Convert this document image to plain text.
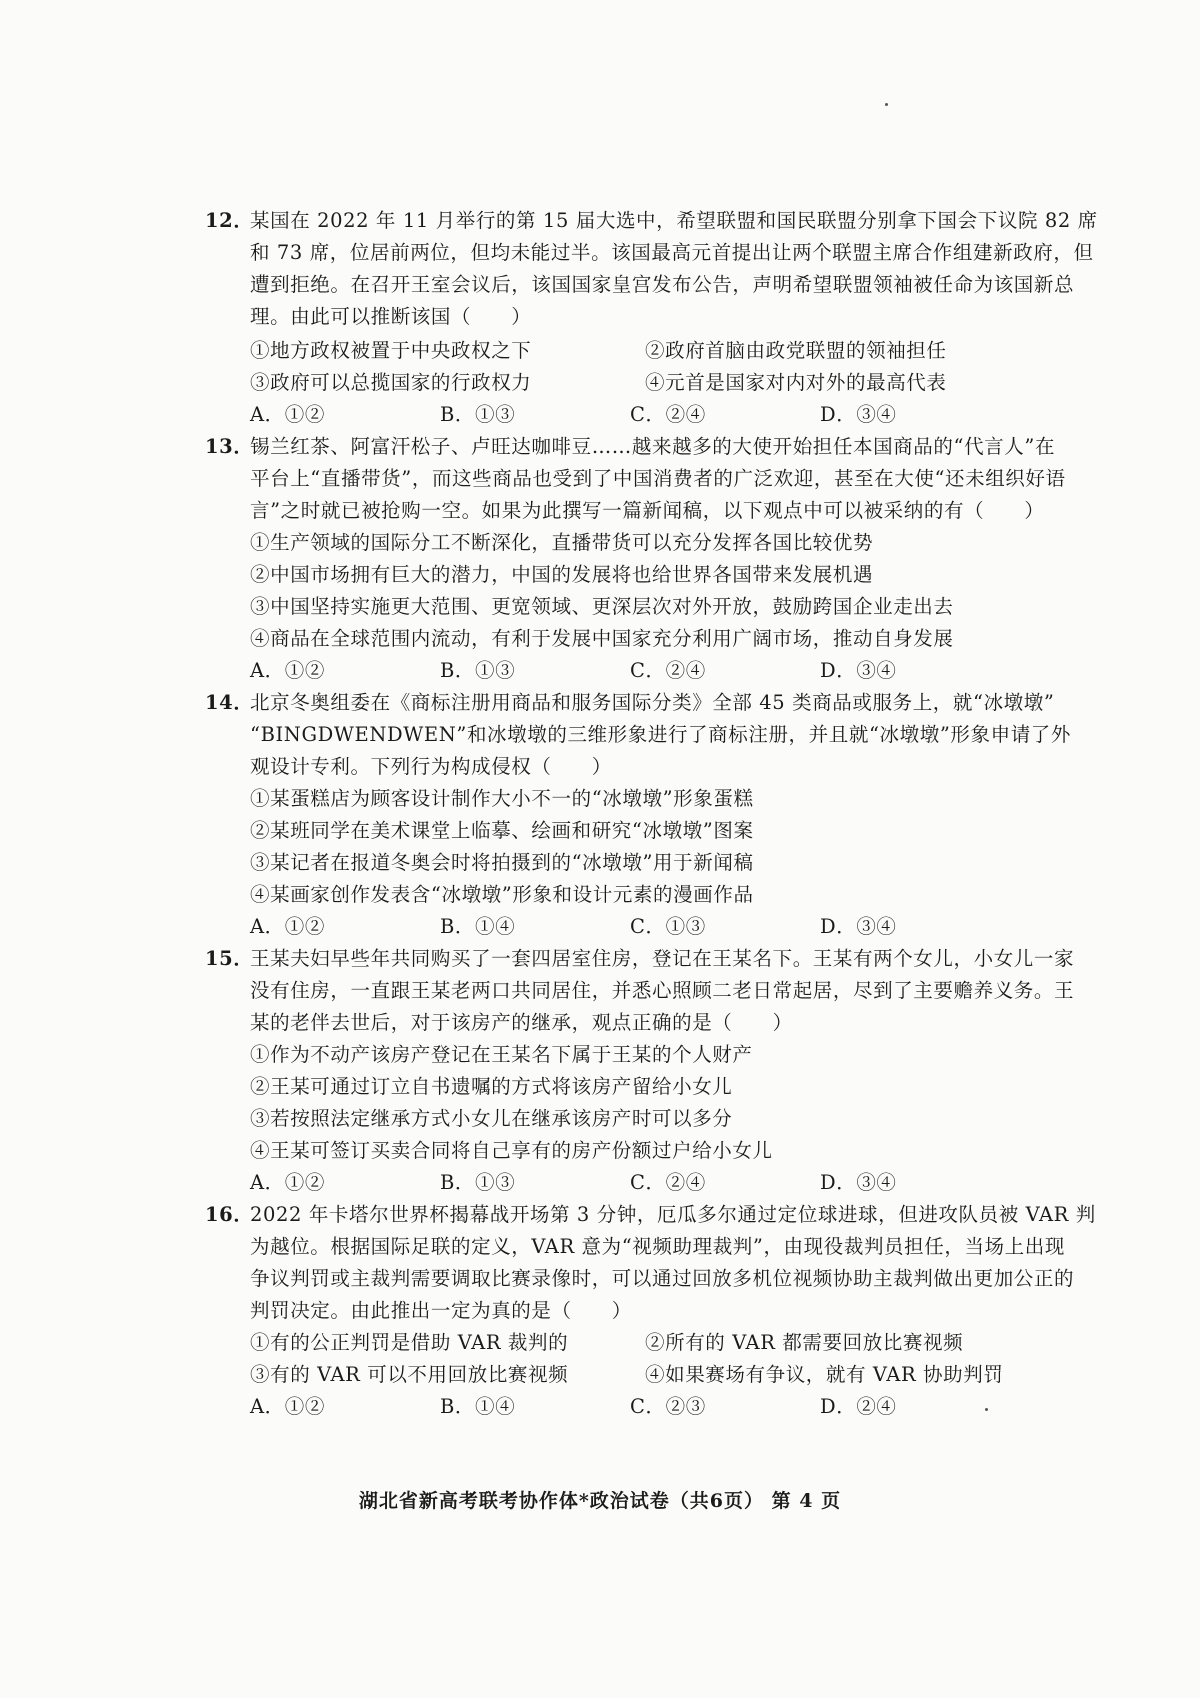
12．
某国在 2022 年 11 月举行的第 15 届大选中，希望联盟和国民联盟分别拿下国会下议院 82 席
和 73 席，位居前两位，但均未能过半。该国最高元首提出让两个联盟主席合作组建新政府，但
遭到拒绝。在召开王室会议后，该国国家皇宫发布公告，声明希望联盟领袖被任命为该国新总
理。由此可以推断该国（　　）
①地方政权被置于中央政权之下	②政府首脑由政党联盟的领袖担任
③政府可以总揽国家的行政权力	④元首是国家对内对外的最高代表
A．①②	B．①③	C．②④	D．③④
13．
锡兰红茶、阿富汗松子、卢旺达咖啡豆……越来越多的大使开始担任本国商品的“代言人”在
平台上“直播带货”，而这些商品也受到了中国消费者的广泛欢迎，甚至在大使“还未组织好语
言”之时就已被抢购一空。如果为此撰写一篇新闻稿，以下观点中可以被采纳的有（　　）
①生产领域的国际分工不断深化，直播带货可以充分发挥各国比较优势
②中国市场拥有巨大的潜力，中国的发展将也给世界各国带来发展机遇
③中国坚持实施更大范围、更宽领域、更深层次对外开放，鼓励跨国企业走出去
④商品在全球范围内流动，有利于发展中国家充分利用广阔市场，推动自身发展
A．①②	B．①③	C．②④	D．③④
14．
北京冬奥组委在《商标注册用商品和服务国际分类》全部 45 类商品或服务上，就“冰墩墩”
“BINGDWENDWEN”和冰墩墩的三维形象进行了商标注册，并且就“冰墩墩”形象申请了外
观设计专利。下列行为构成侵权（　　）
①某蛋糕店为顾客设计制作大小不一的“冰墩墩”形象蛋糕
②某班同学在美术课堂上临摹、绘画和研究“冰墩墩”图案
③某记者在报道冬奥会时将拍摄到的“冰墩墩”用于新闻稿
④某画家创作发表含“冰墩墩”形象和设计元素的漫画作品
A．①②	B．①④	C．①③	D．③④
15．
王某夫妇早些年共同购买了一套四居室住房，登记在王某名下。王某有两个女儿，小女儿一家
没有住房，一直跟王某老两口共同居住，并悉心照顾二老日常起居，尽到了主要赡养义务。王
某的老伴去世后，对于该房产的继承，观点正确的是（　　）
①作为不动产该房产登记在王某名下属于王某的个人财产
②王某可通过订立自书遗嘱的方式将该房产留给小女儿
③若按照法定继承方式小女儿在继承该房产时可以多分
④王某可签订买卖合同将自己享有的房产份额过户给小女儿
A．①②	B．①③	C．②④	D．③④
16．
2022 年卡塔尔世界杯揭幕战开场第 3 分钟，厄瓜多尔通过定位球进球，但进攻队员被 VAR 判
为越位。根据国际足联的定义，VAR 意为“视频助理裁判”，由现役裁判员担任，当场上出现
争议判罚或主裁判需要调取比赛录像时，可以通过回放多机位视频协助主裁判做出更加公正的
判罚决定。由此推出一定为真的是（　　）
①有的公正判罚是借助 VAR 裁判的	②所有的 VAR 都需要回放比赛视频
③有的 VAR 可以不用回放比赛视频	④如果赛场有争议，就有 VAR 协助判罚
A．①②	B．①④	C．②③	D．②④
湖北省新高考联考协作体*政治试卷（共6页） 第 4 页
